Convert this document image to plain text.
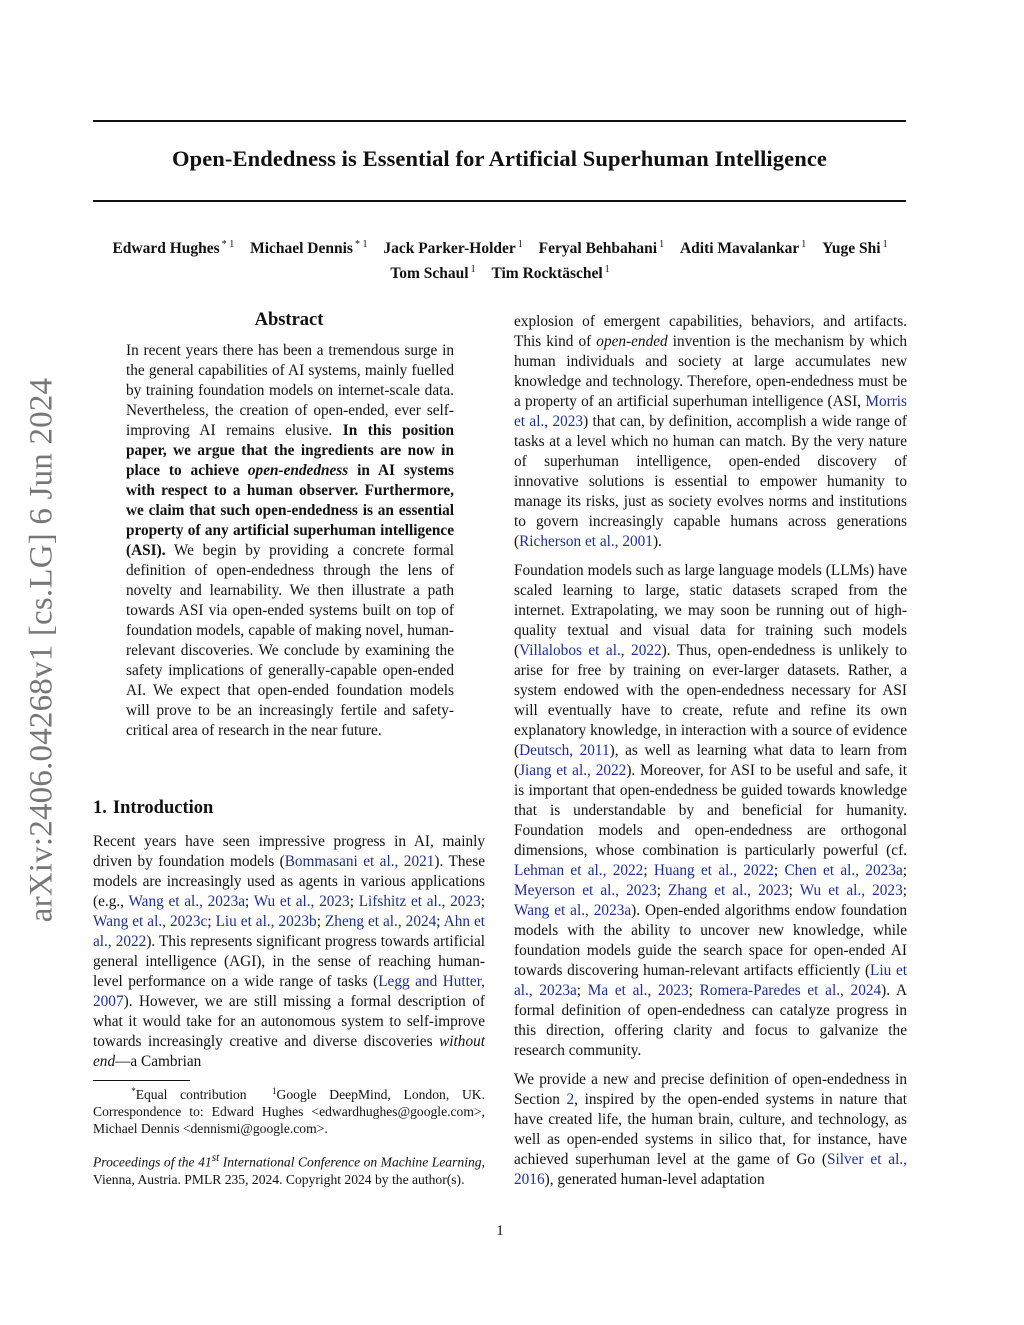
Open-Endedness is Essential for Artificial Superhuman Intelligence
Edward Hughes $^{* 1}$ Michael Dennis $^{* 1}$ Jack Parker-Holder $^1$ Feryal Behbahani $^1$ Aditi Mavalankar $^1$ Yuge Shi $^1$
Tom Schaul $^1$ Tim Rocktäschel $^1$
arXiv:2406.04268v1 [cs.LG] 6 Jun 2024
Abstract

In recent years there has been a tremendous surge in the general capabilities of AI systems, mainly fuelled by training foundation models on internet-scale data. Nevertheless, the creation of open-ended, ever self-improving AI remains elusive. In this position paper, we argue that the ingredients are now in place to achieve open-endedness in AI systems with respect to a human observer. Furthermore, we claim that such open-endedness is an essential property of any artificial superhuman intelligence (ASI). We begin by providing a concrete formal definition of open-endedness through the lens of novelty and learnability. We then illustrate a path towards ASI via open-ended systems built on top of foundation models, capable of making novel, human-relevant discoveries. We conclude by examining the safety implications of generally-capable open-ended AI. We expect that open-ended foundation models will prove to be an increasingly fertile and safety-critical area of research in the near future.

1. Introduction

Recent years have seen impressive progress in AI, mainly driven by foundation models (Bommasani et al., 2021). These models are increasingly used as agents in various applications (e.g., Wang et al., 2023a; Wu et al., 2023; Lifshitz et al., 2023; Wang et al., 2023c; Liu et al., 2023b; Zheng et al., 2024; Ahn et al., 2022). This represents significant progress towards artificial general intelligence (AGI), in the sense of reaching human-level performance on a wide range of tasks (Legg and Hutter, 2007). However, we are still missing a formal description of what it would take for an autonomous system to self-improve towards increasingly creative and diverse discoveries without end—a Cambrian

*Equal contribution	$^1$Google DeepMind, London, UK. Correspondence to: Edward Hughes <edwardhughes@google.com>, Michael Dennis <dennismi@google.com>.

Proceedings of the 41st International Conference on Machine Learning, Vienna, Austria. PMLR 235, 2024. Copyright 2024 by the author(s).

explosion of emergent capabilities, behaviors, and artifacts. This kind of open-ended invention is the mechanism by which human individuals and society at large accumulates new knowledge and technology. Therefore, open-endedness must be a property of an artificial superhuman intelligence (ASI, Morris et al., 2023) that can, by definition, accomplish a wide range of tasks at a level which no human can match. By the very nature of superhuman intelligence, open-ended discovery of innovative solutions is essential to empower humanity to manage its risks, just as society evolves norms and institutions to govern increasingly capable humans across generations (Richerson et al., 2001).

Foundation models such as large language models (LLMs) have scaled learning to large, static datasets scraped from the internet. Extrapolating, we may soon be running out of high-quality textual and visual data for training such models (Villalobos et al., 2022). Thus, open-endedness is unlikely to arise for free by training on ever-larger datasets. Rather, a system endowed with the open-endedness necessary for ASI will eventually have to create, refute and refine its own explanatory knowledge, in interaction with a source of evidence (Deutsch, 2011), as well as learning what data to learn from (Jiang et al., 2022). Moreover, for ASI to be useful and safe, it is important that open-endedness be guided towards knowledge that is understandable by and beneficial for humanity. Foundation models and open-endedness are orthogonal dimensions, whose combination is particularly powerful (cf. Lehman et al., 2022; Huang et al., 2022; Chen et al., 2023a; Meyerson et al., 2023; Zhang et al., 2023; Wu et al., 2023; Wang et al., 2023a). Open-ended algorithms endow foundation models with the ability to uncover new knowledge, while foundation models guide the search space for open-ended AI towards discovering human-relevant artifacts efficiently (Liu et al., 2023a; Ma et al., 2023; Romera-Paredes et al., 2024). A formal definition of open-endedness can catalyze progress in this direction, offering clarity and focus to galvanize the research community.

We provide a new and precise definition of open-endedness in Section 2, inspired by the open-ended systems in nature that have created life, the human brain, culture, and technology, as well as open-ended systems in silico that, for instance, have achieved superhuman level at the game of Go (Silver et al., 2016), generated human-level adaptation

1
